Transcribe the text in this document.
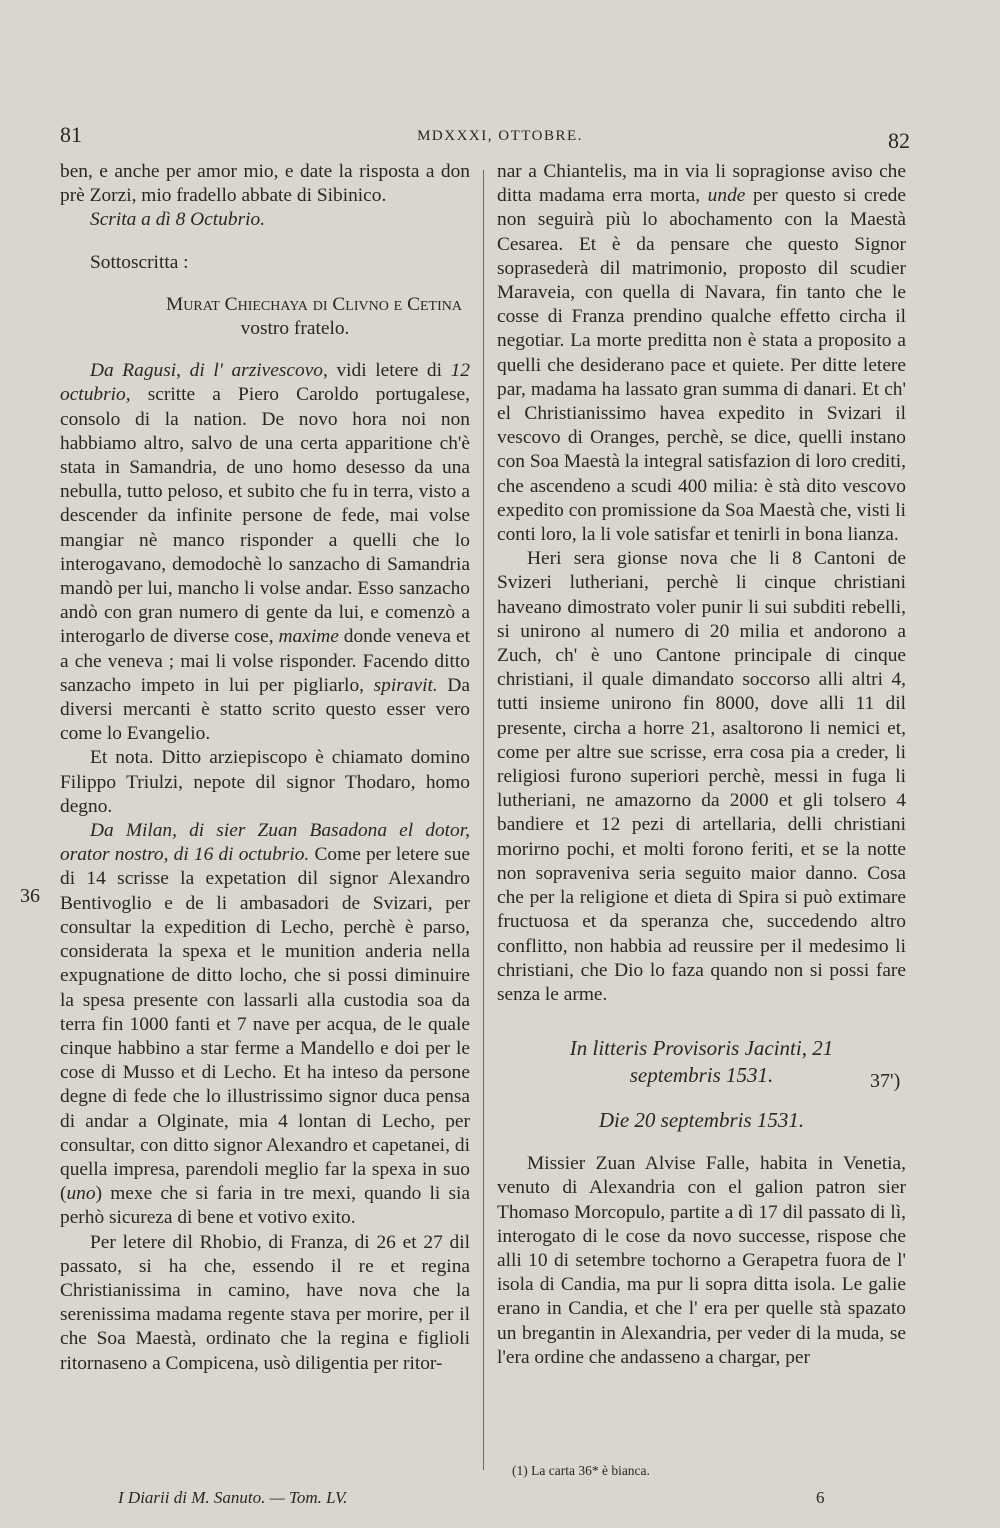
81	MDXXXI, OTTOBRE.	82
36
37')

ben, e anche per amor mio, e date la risposta a don prè Zorzi, mio fradello abbate di Sibinico.

Scrita a dì 8 Octubrio.

Sottoscritta :

Murat Chiechaya di Clivno e Cetina

vostro fratelo.

Da Ragusi, di l' arzivescovo, vidi letere di 12 octubrio, scritte a Piero Caroldo portugalese, consolo di la nation. De novo hora noi non habbiamo altro, salvo de una certa apparitione ch'è stata in Samandria, de uno homo desesso da una nebulla, tutto peloso, et subito che fu in terra, visto a descender da infinite persone de fede, mai volse mangiar nè manco risponder a quelli che lo interogavano, demodochè lo sanzacho di Samandria mandò per lui, mancho li volse andar. Esso sanzacho andò con gran numero di gente da lui, e comenzò a interogarlo de diverse cose, maxime donde veneva et a che veneva ; mai li volse risponder. Facendo ditto sanzacho impeto in lui per pigliarlo, spiravit. Da diversi mercanti è statto scrito questo esser vero come lo Evangelio.

Et nota. Ditto arziepiscopo è chiamato domino Filippo Triulzi, nepote dil signor Thodaro, homo degno.

Da Milan, di sier Zuan Basadona el dotor, orator nostro, di 16 di octubrio. Come per letere sue di 14 scrisse la expetation dil signor Alexandro Bentivoglio e de li ambasadori de Svizari, per consultar la expedition di Lecho, perchè è parso, considerata la spexa et le munition anderia nella expugnatione de ditto locho, che si possi diminuire la spesa presente con lassarli alla custodia soa da terra fin 1000 fanti et 7 nave per acqua, de le quale cinque habbino a star ferme a Mandello e doi per le cose di Musso et di Lecho. Et ha inteso da persone degne di fede che lo illustrissimo signor duca pensa di andar a Olginate, mia 4 lontan di Lecho, per consultar, con ditto signor Alexandro et capetanei, di quella impresa, parendoli meglio far la spexa in suo (uno) mexe che si faria in tre mexi, quando li sia perhò sicureza di bene et votivo exito.

Per letere dil Rhobio, di Franza, di 26 et 27 dil passato, si ha che, essendo il re et regina Christianissima in camino, have nova che la serenissima madama regente stava per morire, per il che Soa Maestà, ordinato che la regina e figlioli ritornaseno a Compicena, usò diligentia per ritor-

nar a Chiantelis, ma in via li sopragionse aviso che ditta madama erra morta, unde per questo si crede non seguirà più lo abochamento con la Maestà Cesarea. Et è da pensare che questo Signor soprasederà dil matrimonio, proposto dil scudier Maraveia, con quella di Navara, fin tanto che le cosse di Franza prendino qualche effetto circha il negotiar. La morte preditta non è stata a proposito a quelli che desiderano pace et quiete. Per ditte letere par, madama ha lassato gran summa di danari. Et ch' el Christianissimo havea expedito in Svizari il vescovo di Oranges, perchè, se dice, quelli instano con Soa Maestà la integral satisfazion di loro crediti, che ascendeno a scudi 400 milia: è stà dito vescovo expedito con promissione da Soa Maestà che, visti li conti loro, la li vole satisfar et tenirli in bona lianza.

Heri sera gionse nova che li 8 Cantoni de Svizeri lutheriani, perchè li cinque christiani haveano dimostrato voler punir li sui subditi rebelli, si unirono al numero di 20 milia et andorono a Zuch, ch' è uno Cantone principale di cinque christiani, il quale dimandato soccorso alli altri 4, tutti insieme unirono fin 8000, dove alli 11 dil presente, circha a horre 21, asaltorono li nemici et, come per altre sue scrisse, erra cosa pia a creder, li religiosi furono superiori perchè, messi in fuga li lutheriani, ne amazorno da 2000 et gli tolsero 4 bandiere et 12 pezi di artellaria, delli christiani morirno pochi, et molti forono feriti, et se la notte non sopraveniva seria seguito maior danno. Cosa che per la religione et dieta di Spira si può extimare fructuosa et da speranza che, succedendo altro conflitto, non habbia ad reussire per il medesimo li christiani, che Dio lo faza quando non si possi fare senza le arme.

In litteris Provisoris Jacinti, 21 septembris 1531.

Die 20 septembris 1531.

Missier Zuan Alvise Falle, habita in Venetia, venuto di Alexandria con el galion patron sier Thomaso Morcopulo, partite a dì 17 dil passato di lì, interogato di le cose da novo successe, rispose che alli 10 di setembre tochorno a Gerapetra fuora de l' isola di Candia, ma pur li sopra ditta isola. Le galie erano in Candia, et che l' era per quelle stà spazato un bregantin in Alexandria, per veder di la muda, se l'era ordine che andasseno a chargar, per

(1) La carta 36* è bianca.
I Diarii di M. Sanuto. — Tom. LV.	6
